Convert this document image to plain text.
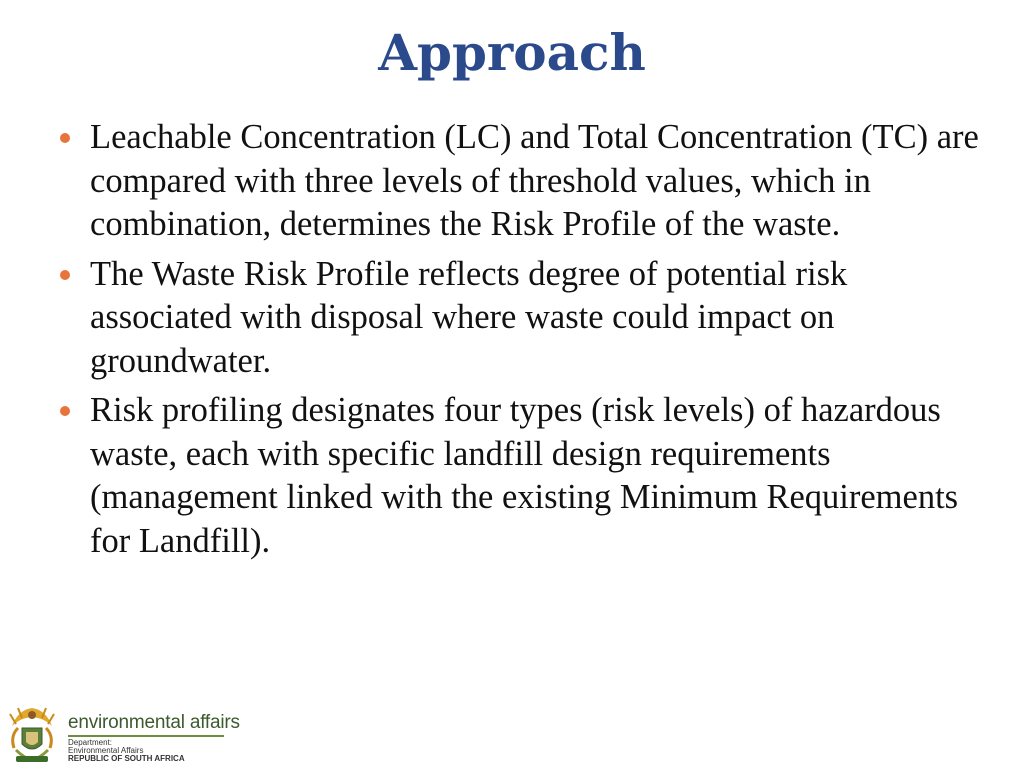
Approach
Leachable Concentration (LC) and Total Concentration (TC) are compared with three levels of threshold values, which in combination, determines the Risk Profile of the waste.
The Waste Risk Profile reflects degree of potential risk associated with disposal where waste could impact on groundwater.
Risk profiling designates four types (risk levels) of hazardous waste, each with specific landfill design requirements (management linked with the existing Minimum Requirements for Landfill).
environmental affairs
Department:
Environmental Affairs
REPUBLIC OF SOUTH AFRICA
